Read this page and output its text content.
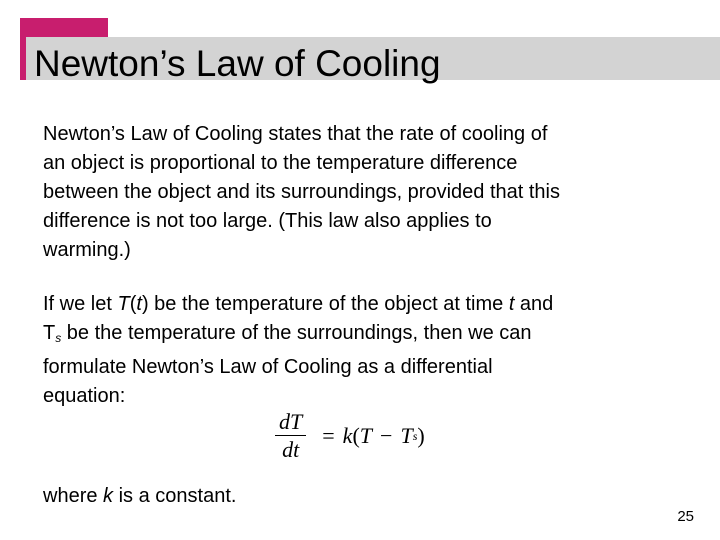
Newton’s Law of Cooling

Newton’s Law of Cooling states that the rate of cooling of
an object is proportional to the temperature difference
between the object and its surroundings, provided that this
difference is not too large. (This law also applies to
warming.)

If we let T(t) be the temperature of the object at time t and
$T_s$ be the temperature of the surroundings, then we can
formulate Newton’s Law of Cooling as a differential
equation:

$\frac{dT}{dt} = k$ ( T − T s )

where k is a constant.

25
